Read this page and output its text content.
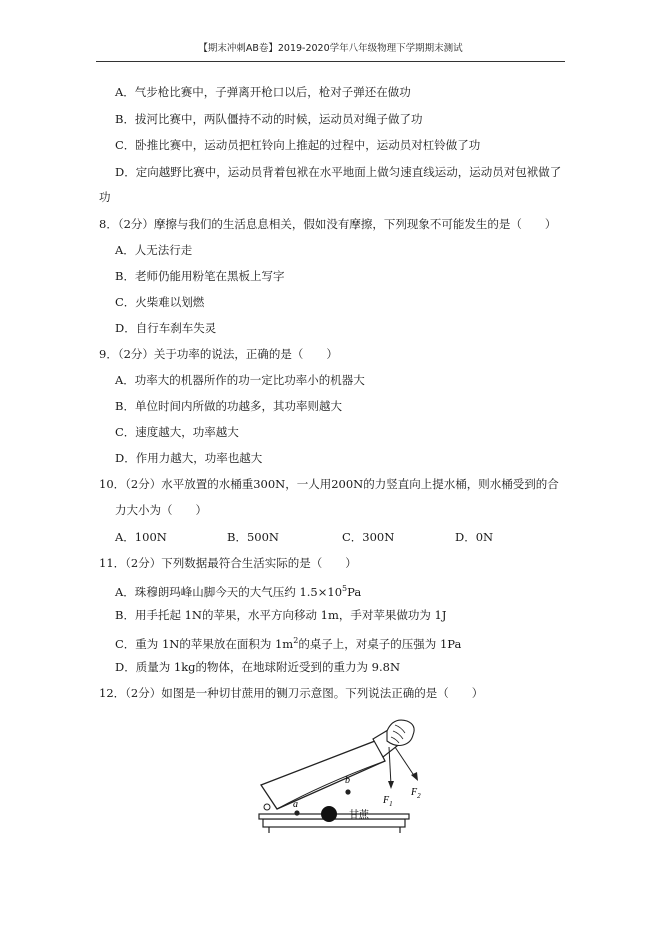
【期末冲刺AB卷】2019-2020学年八年级物理下学期期末测试
A．气步枪比赛中，子弹离开枪口以后，枪对子弹还在做功
B．拔河比赛中，两队僵持不动的时候，运动员对绳子做了功
C．卧推比赛中，运动员把杠铃向上推起的过程中，运动员对杠铃做了功
D．定向越野比赛中，运动员背着包袱在水平地面上做匀速直线运动，运动员对包袱做了
功
8．（2分）摩擦与我们的生活息息相关，假如没有摩擦，下列现象不可能发生的是（　　）
A．人无法行走
B．老师仍能用粉笔在黑板上写字
C．火柴难以划燃
D．自行车刹车失灵
9．（2分）关于功率的说法，正确的是（　　）
A．功率大的机器所作的功一定比功率小的机器大
B．单位时间内所做的功越多，其功率则越大
C．速度越大，功率越大
D．作用力越大，功率也越大
10．（2分）水平放置的水桶重300N，一人用200N的力竖直向上提水桶，则水桶受到的合
力大小为（　　）
A．100N	B．500N	C．300N	D．0N
11．（2分）下列数据最符合生活实际的是（　　）
A．珠穆朗玛峰山脚今天的大气压约 $1.5\times 10^5Pa$
B．用手托起 1N的苹果，水平方向移动 1m，手对苹果做功为 1J
C．重为 1N的苹果放在面积为 $1m^2$的桌子上，对桌子的压强为 1Pa
D．质量为 1kg的物体，在地球附近受到的重力为 9.8N
12．（2分）如图是一种切甘蔗用的铡刀示意图。下列说法正确的是（　　）
$F_1$
$F_2$
a
b
甘蔗
